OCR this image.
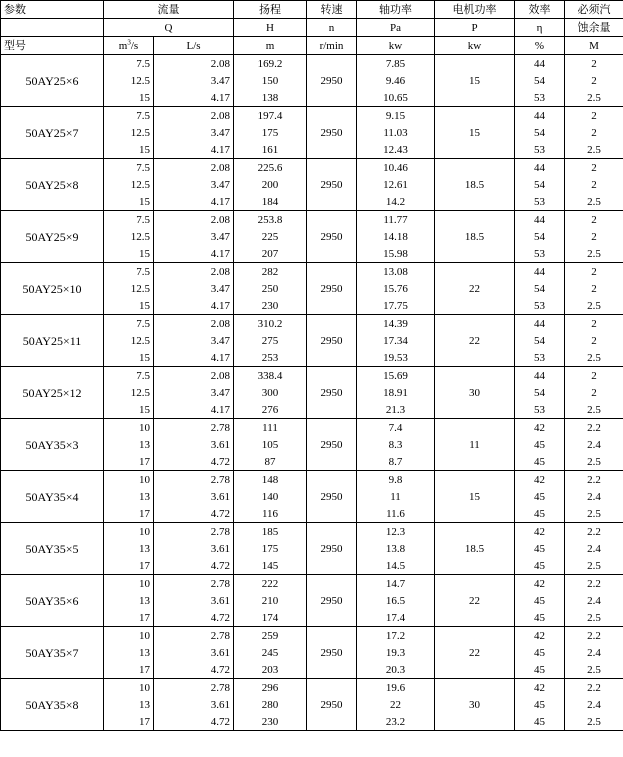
参数	流量		扬程	转速	轴功率	电机功率	效率	必须汽
	Q		H	n	Pa	P	η	蚀余量
型号	$m^3/s$	L/s	m	r/min	kw	kw	%	M
50AY25×6	7.5	2.08	169.2	2950	7.85	15	44	2
	12.5	3.47	150		9.46		54	2
	15	4.17	138		10.65		53	2.5
50AY25×7	7.5	2.08	197.4	2950	9.15	15	44	2
	12.5	3.47	175		11.03		54	2
	15	4.17	161		12.43		53	2.5
50AY25×8	7.5	2.08	225.6	2950	10.46	18.5	44	2
	12.5	3.47	200		12.61		54	2
	15	4.17	184		14.2		53	2.5
50AY25×9	7.5	2.08	253.8	2950	11.77	18.5	44	2
	12.5	3.47	225		14.18		54	2
	15	4.17	207		15.98		53	2.5
50AY25×10	7.5	2.08	282	2950	13.08	22	44	2
	12.5	3.47	250		15.76		54	2
	15	4.17	230		17.75		53	2.5
50AY25×11	7.5	2.08	310.2	2950	14.39	22	44	2
	12.5	3.47	275		17.34		54	2
	15	4.17	253		19.53		53	2.5
50AY25×12	7.5	2.08	338.4	2950	15.69	30	44	2
	12.5	3.47	300		18.91		54	2
	15	4.17	276		21.3		53	2.5
50AY35×3	10	2.78	111	2950	7.4	11	42	2.2
	13	3.61	105		8.3		45	2.4
	17	4.72	87		8.7		45	2.5
50AY35×4	10	2.78	148	2950	9.8	15	42	2.2
	13	3.61	140		11		45	2.4
	17	4.72	116		11.6		45	2.5
50AY35×5	10	2.78	185	2950	12.3	18.5	42	2.2
	13	3.61	175		13.8		45	2.4
	17	4.72	145		14.5		45	2.5
50AY35×6	10	2.78	222	2950	14.7	22	42	2.2
	13	3.61	210		16.5		45	2.4
	17	4.72	174		17.4		45	2.5
50AY35×7	10	2.78	259	2950	17.2	22	42	2.2
	13	3.61	245		19.3		45	2.4
	17	4.72	203		20.3		45	2.5
50AY35×8	10	2.78	296	2950	19.6	30	42	2.2
	13	3.61	280		22		45	2.4
	17	4.72	230		23.2		45	2.5
